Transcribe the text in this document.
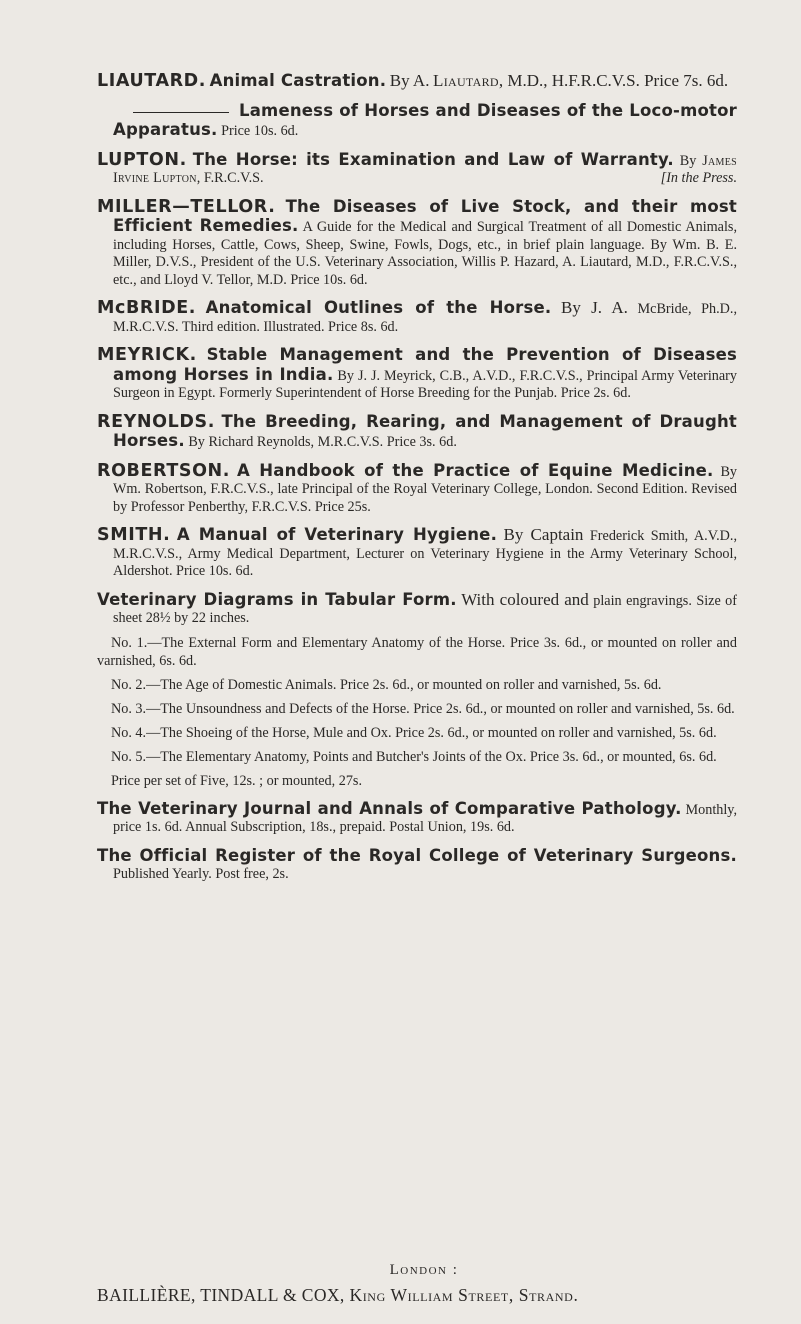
LIAUTARD. Animal Castration. By A. Liautard, M.D., H.F.R.C.V.S. Price 7s. 6d.
Lameness of Horses and Diseases of the Loco-motor Apparatus. Price 10s. 6d.
LUPTON. The Horse: its Examination and Law of Warranty. By James Irvine Lupton, F.R.C.V.S.	[In the Press.
MILLER—TELLOR. The Diseases of Live Stock, and their most Efficient Remedies. A Guide for the Medical and Surgical Treatment of all Domestic Animals, including Horses, Cattle, Cows, Sheep, Swine, Fowls, Dogs, etc., in brief plain language. By Wm. B. E. Miller, D.V.S., President of the U.S. Veterinary Association, Willis P. Hazard, A. Liautard, M.D., F.R.C.V.S., etc., and Lloyd V. Tellor, M.D. Price 10s. 6d.
McBRIDE. Anatomical Outlines of the Horse. By J. A. McBride, Ph.D., M.R.C.V.S. Third edition. Illustrated. Price 8s. 6d.
MEYRICK. Stable Management and the Prevention of Diseases among Horses in India. By J. J. Meyrick, C.B., A.V.D., F.R.C.V.S., Principal Army Veterinary Surgeon in Egypt. Formerly Superintendent of Horse Breeding for the Punjab. Price 2s. 6d.
REYNOLDS. The Breeding, Rearing, and Management of Draught Horses. By Richard Reynolds, M.R.C.V.S. Price 3s. 6d.
ROBERTSON. A Handbook of the Practice of Equine Medicine. By Wm. Robertson, F.R.C.V.S., late Principal of the Royal Veterinary College, London. Second Edition. Revised by Professor Penberthy, F.R.C.V.S. Price 25s.
SMITH. A Manual of Veterinary Hygiene. By Captain Frederick Smith, A.V.D., M.R.C.V.S., Army Medical Department, Lecturer on Veterinary Hygiene in the Army Veterinary School, Aldershot. Price 10s. 6d.
Veterinary Diagrams in Tabular Form. With coloured and plain engravings. Size of sheet 28½ by 22 inches.

No. 1.—The External Form and Elementary Anatomy of the Horse. Price 3s. 6d., or mounted on roller and varnished, 6s. 6d.

No. 2.—The Age of Domestic Animals. Price 2s. 6d., or mounted on roller and varnished, 5s. 6d.

No. 3.—The Unsoundness and Defects of the Horse. Price 2s. 6d., or mounted on roller and varnished, 5s. 6d.

No. 4.—The Shoeing of the Horse, Mule and Ox. Price 2s. 6d., or mounted on roller and varnished, 5s. 6d.

No. 5.—The Elementary Anatomy, Points and Butcher's Joints of the Ox. Price 3s. 6d., or mounted, 6s. 6d.

Price per set of Five, 12s. ; or mounted, 27s.

The Veterinary Journal and Annals of Comparative Pathology. Monthly, price 1s. 6d. Annual Subscription, 18s., prepaid. Postal Union, 19s. 6d.
The Official Register of the Royal College of Veterinary Surgeons. Published Yearly. Post free, 2s.
London :
BAILLIÈRE, TINDALL & COX, King William Street, Strand.
